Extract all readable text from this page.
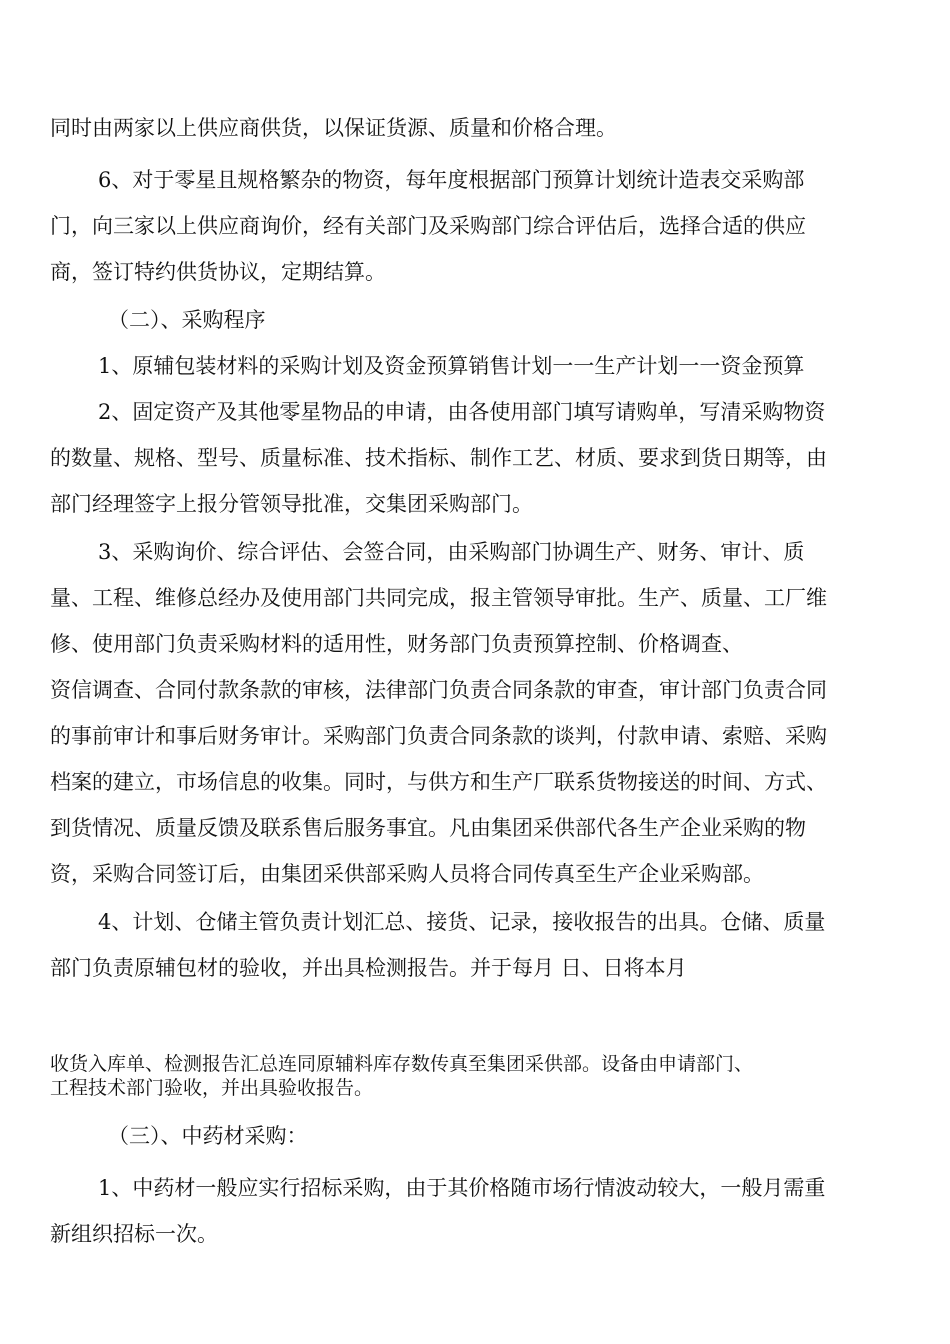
同时由两家以上供应商供货，以保证货源、质量和价格合理。
6、对于零星且规格繁杂的物资，每年度根据部门预算计划统计造表交采购部
门，向三家以上供应商询价，经有关部门及采购部门综合评估后，选择合适的供应
商，签订特约供货协议，定期结算。
（二）、采购程序
1、原辅包装材料的采购计划及资金预算销售计划一一生产计划一一资金预算
2、固定资产及其他零星物品的申请，由各使用部门填写请购单，写清采购物资
的数量、规格、型号、质量标准、技术指标、制作工艺、材质、要求到货日期等，由
部门经理签字上报分管领导批准，交集团采购部门。
3、采购询价、综合评估、会签合同，由采购部门协调生产、财务、审计、质
量、工程、维修总经办及使用部门共同完成，报主管领导审批。生产、质量、工厂维
修、使用部门负责采购材料的适用性，财务部门负责预算控制、价格调查、
资信调查、合同付款条款的审核，法律部门负责合同条款的审查，审计部门负责合同
的事前审计和事后财务审计。采购部门负责合同条款的谈判，付款申请、索赔、采购
档案的建立，市场信息的收集。同时，与供方和生产厂联系货物接送的时间、方式、
到货情况、质量反馈及联系售后服务事宜。凡由集团采供部代各生产企业采购的物
资，采购合同签订后，由集团采供部采购人员将合同传真至生产企业采购部。
4、计划、仓储主管负责计划汇总、接货、记录，接收报告的出具。仓储、质量
部门负责原辅包材的验收，并出具检测报告。并于每月 日、日将本月
收货入库单、检测报告汇总连同原辅料库存数传真至集团采供部。设备由申请部门、
工程技术部门验收，并出具验收报告。
（三）、中药材采购：
1、中药材一般应实行招标采购，由于其价格随市场行情波动较大，一般月需重
新组织招标一次。
